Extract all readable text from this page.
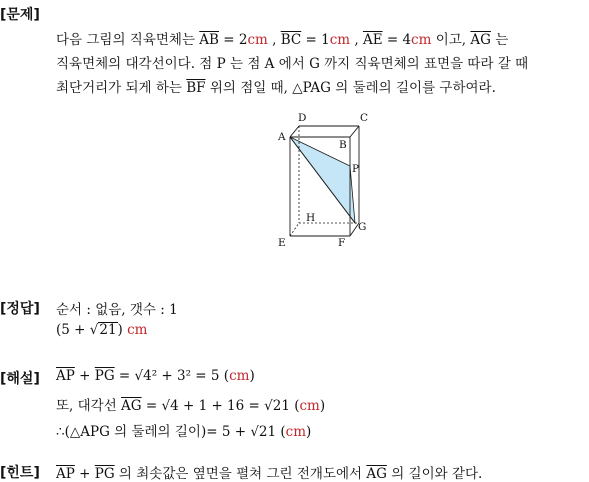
[문제]
다음 그림의 직육면체는 $\overline{AB} = 2cm$ , $\overline{BC} = 1cm$ , $\overline{AE} = 4cm$ 이고, $\overline{AG}$ 는
직육면체의 대각선이다. 점 P 는 점 A 에서 G 까지 직육면체의 표면을 따라 갈 때
최단거리가 되게 하는 $\overline{BF}$ 위의 점일 때, △PAG 의 둘레의 길이를 구하여라.
A
D	C
B
P
H
E	F
G
[정답] 순서 : 없음, 갯수 : 1
(5 + √21) cm
[해설] $\overline{AP} + \overline{PG} = √4^2 + 3^2 = 5$ (cm)
또, 대각선 $\overline{AG} = √4 + 1 + 16 = √21$ (cm)
∴(△APG 의 둘레의 길이)= 5 + √21 (cm)
[힌트] $\overline{AP} + \overline{PG}$ 의 최솟값은 옆면을 펼쳐 그린 전개도에서 $\overline{AG}$ 의 길이와 같다.
